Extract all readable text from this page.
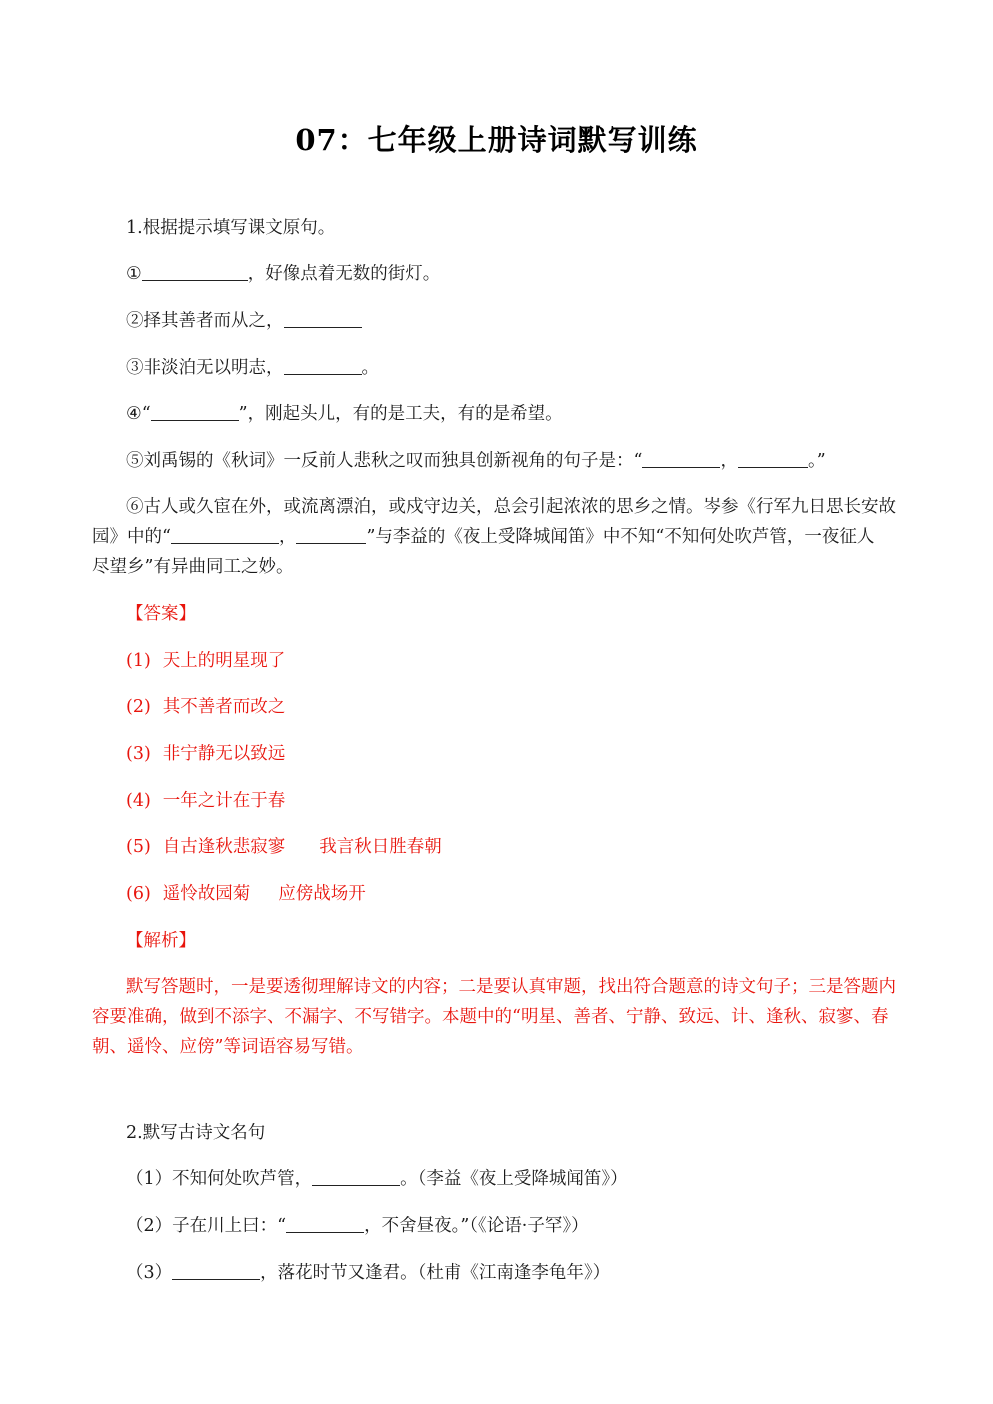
07：七年级上册诗词默写训练
1.根据提示填写课文原句。
①	，好像点着无数的街灯。
②择其善者而从之，
③非淡泊无以明志，	。
④“	”，刚起头儿，有的是工夫，有的是希望。
⑤刘禹锡的《秋词》一反前人悲秋之叹而独具创新视角的句子是：“	，	。”
⑥古人或久宦在外，或流离漂泊，或戍守边关，总会引起浓浓的思乡之情。岑参《行军九日思长安故
园》中的“	，	”与李益的《夜上受降城闻笛》中不知“不知何处吹芦管，一夜征人
尽望乡”有异曲同工之妙。
【答案】
(1) 天上的明星现了
(2) 其不善者而改之
(3) 非宁静无以致远
(4) 一年之计在于春
(5) 自古逢秋悲寂寥 我言秋日胜春朝
(6) 遥怜故园菊 应傍战场开
【解析】
默写答题时，一是要透彻理解诗文的内容；二是要认真审题，找出符合题意的诗文句子；三是答题内
容要准确，做到不添字、不漏字、不写错字。本题中的“明星、善者、宁静、致远、计、逢秋、寂寥、春
朝、遥怜、应傍”等词语容易写错。
2.默写古诗文名句
（1）不知何处吹芦管，	。（李益《夜上受降城闻笛》）
（2）子在川上曰：“	，不舍昼夜。”（《论语·子罕》）
（3）	，落花时节又逢君。（杜甫《江南逢李龟年》）
